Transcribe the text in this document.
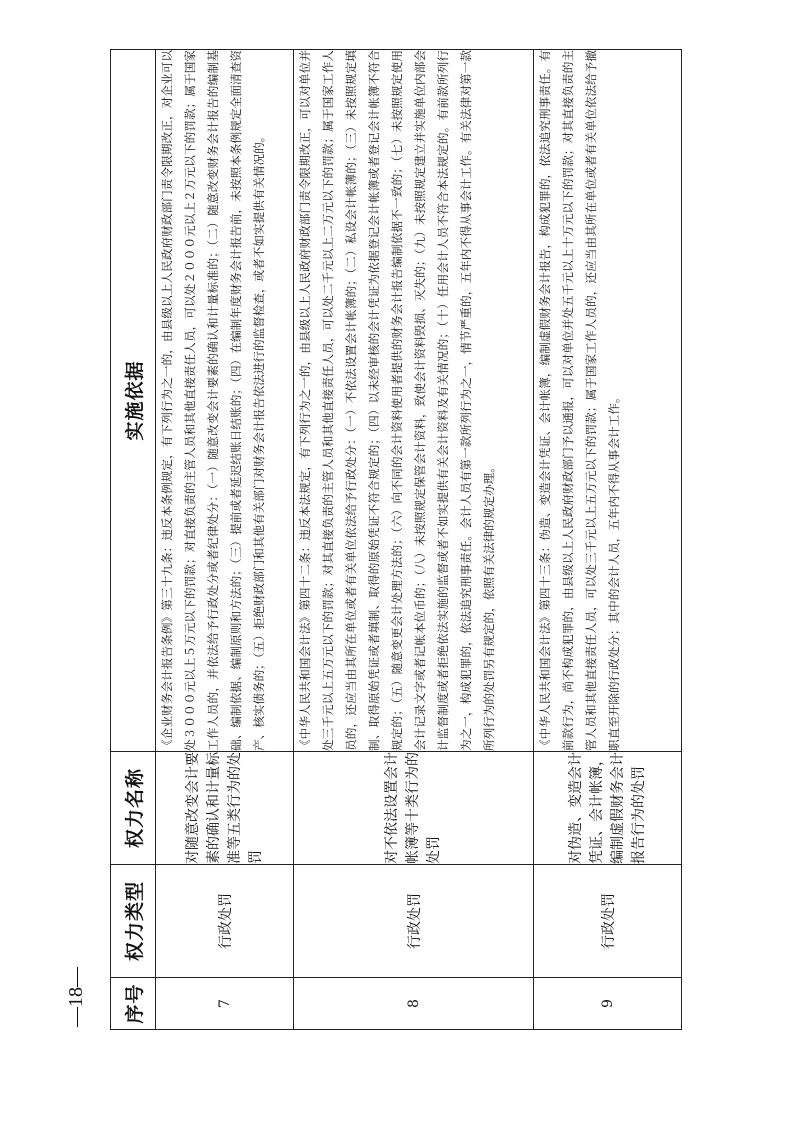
序号	权力类型	权力名称	实施依据
7	行政处罚	对随意改变会计要素的确认和计量标准等五类行为的处罚	《企业财务会计报告条例》第三十九条：违反本条例规定，有下列行为之一的，由县级以上人民政府财政部门责令限期改正，对企业可以处３０００元以上５万元以下的罚款；对直接负责的主管人员和其他直接责任人员，可以处２０００元以上２万元以下的罚款；属于国家工作人员的，并依法给予行政处分或者纪律处分：（一）随意改变会计要素的确认和计量标准的；（二）随意改变财务会计报告的编制基础、编制依据、编制原则和方法的；（三）提前或者延迟结账日结账的；（四）在编制年度财务会计报告前，未按照本条例规定全面清查资产、核实债务的；（五）拒绝财政部门和其他有关部门对财务会计报告依法进行的监督检查，或者不如实提供有关情况的。
8	行政处罚	对不依法设置会计帐簿等十类行为的处罚	《中华人民共和国会计法》第四十二条：违反本法规定，有下列行为之一的，由县级以上人民政府财政部门责令限期改正，可以对单位并处三千元以上五万元以下的罚款；对其直接负责的主管人员和其他直接责任人员，可以处二千元以上二万元以下的罚款；属于国家工作人员的，还应当由其所在单位或者有关单位依法给予行政处分：（一）不依法设置会计帐簿的；（二）私设会计帐簿的；（三）未按照规定填制、取得原始凭证或者填制、取得的原始凭证不符合规定的；（四）以未经审核的会计凭证为依据登记会计帐簿或者登记会计帐簿不符合规定的；（五）随意变更会计处理方法的；（六）向不同的会计资料使用者提供的财务会计报告编制依据不一致的；（七）未按照规定使用会计记录文字或者记帐本位币的；（八）未按照规定保管会计资料，致使会计资料毁损、灭失的；（九）未按照规定建立并实施单位内部会计监督制度或者拒绝依法实施的监督或者不如实提供有关会计资料及有关情况的；（十）任用会计人员不符合本法规定的。有前款所列行为之一，构成犯罪的，依法追究刑事责任。会计人员有第一款所列行为之一，情节严重的，五年内不得从事会计工作。有关法律对第一款所列行为的处罚另有规定的，依照有关法律的规定办理。
9	行政处罚	对伪造、变造会计凭证、会计帐簿，编制虚假财务会计报告行为的处罚	《中华人民共和国会计法》第四十三条：伪造、变造会计凭证、会计帐簿，编制虚假财务会计报告，构成犯罪的，依法追究刑事责任。有前款行为，尚不构成犯罪的，由县级以上人民政府财政部门予以通报，可以对单位并处五千元以上十万元以下的罚款；对其直接负责的主管人员和其他直接责任人员，可以处三千元以上五万元以下的罚款；属于国家工作人员的，还应当由其所在单位或者有关单位依法给予撤职直至开除的行政处分；其中的会计人员，五年内不得从事会计工作。
—18—
